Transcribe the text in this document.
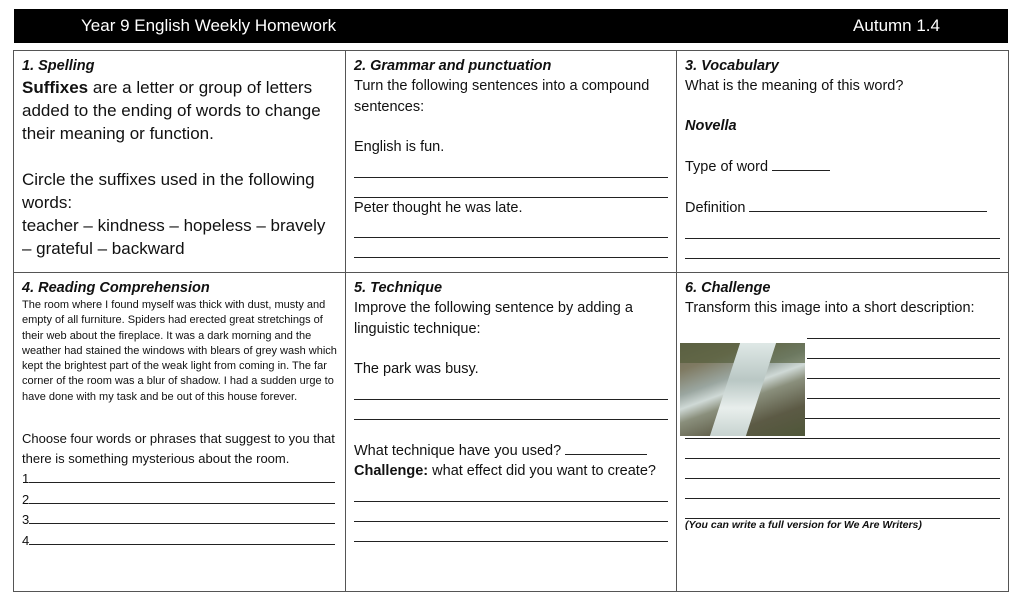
Year 9 English Weekly Homework	Autumn 1.4
1. Spelling
Suffixes are a letter or group of letters added to the ending of words to change their meaning or function.
Circle the suffixes used in the following words:
teacher – kindness – hopeless – bravely – grateful – backward
2. Grammar and punctuation
Turn the following sentences into a compound sentences:
English is fun.
Peter thought he was late.
3. Vocabulary
What is the meaning of this word?
Novella
Type of word
Definition
4. Reading Comprehension
The room where I found myself was thick with dust, musty and empty of all furniture. Spiders had erected great stretchings of their web about the fireplace. It was a dark morning and the weather had stained the windows with blears of grey wash which kept the brightest part of the weak light from coming in. The far corner of the room was a blur of shadow. I had a sudden urge to have done with my task and be out of this house forever.
Choose four words or phrases that suggest to you that there is something mysterious about the room.
1
2
3
4
5. Technique
Improve the following sentence by adding a linguistic technique:
The park was busy.
What technique have you used?
Challenge: what effect did you want to create?
6. Challenge
Transform this image into a short description:
(You can write a full version for We Are Writers)
